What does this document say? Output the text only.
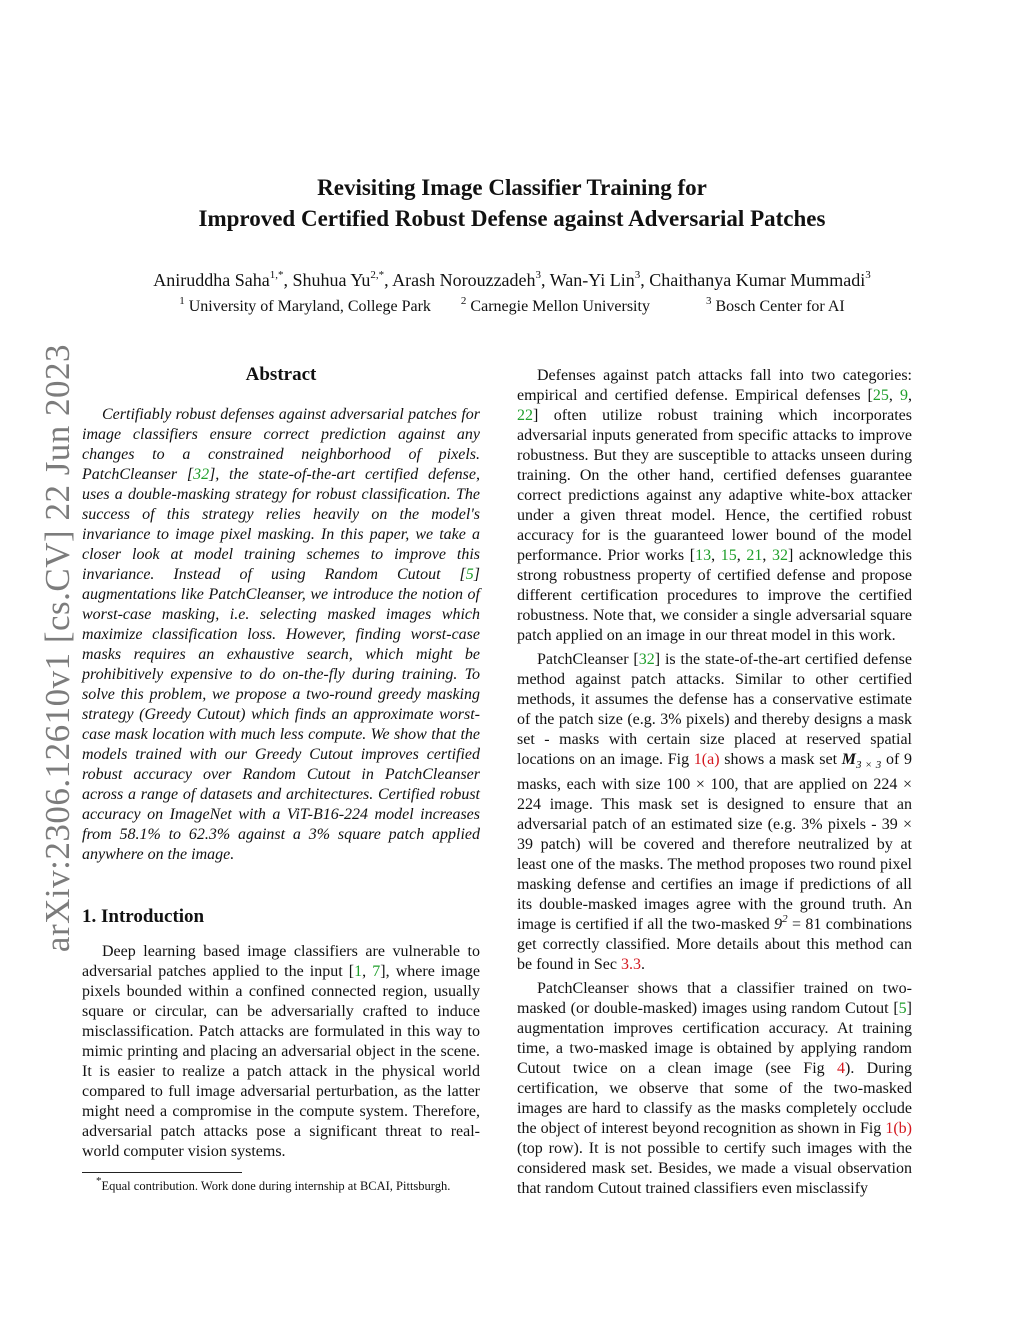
Revisiting Image Classifier Training for
Improved Certified Robust Defense against Adversarial Patches
Aniruddha Saha$^{1,*}$, Shuhua $Yu^{2,*}$, Arash Norouzzadeh$^3$, Wan-Yi Lin$^3$, Chaithanya Kumar Mummadi$^3$
$^1$ University of Maryland, College Park	$^2$ Carnegie Mellon University	$^3$ Bosch Center for AI
arXiv:2306.12610v1 [cs.CV] 22 Jun 2023	Abstract

Certifiably robust defenses against adversarial patches for image classifiers ensure correct prediction against any changes to a constrained neighborhood of pixels. PatchCleanser [32], the state-of-the-art certified defense, uses a double-masking strategy for robust classification. The success of this strategy relies heavily on the model's invariance to image pixel masking. In this paper, we take a closer look at model training schemes to improve this invariance. Instead of using Random Cutout [5] augmentations like PatchCleanser, we introduce the notion of worst-case masking, i.e. selecting masked images which maximize classification loss. However, finding worst-case masks requires an exhaustive search, which might be prohibitively expensive to do on-the-fly during training. To solve this problem, we propose a two-round greedy masking strategy (Greedy Cutout) which finds an approximate worst-case mask location with much less compute. We show that the models trained with our Greedy Cutout improves certified robust accuracy over Random Cutout in PatchCleanser across a range of datasets and architectures. Certified robust accuracy on ImageNet with a ViT-B16-224 model increases from 58.1% to 62.3% against a 3% square patch applied anywhere on the image.

1. Introduction

Deep learning based image classifiers are vulnerable to adversarial patches applied to the input [1, 7], where image pixels bounded within a confined connected region, usually square or circular, can be adversarially crafted to induce misclassification. Patch attacks are formulated in this way to mimic printing and placing an adversarial object in the scene. It is easier to realize a patch attack in the physical world compared to full image adversarial perturbation, as the latter might need a compromise in the compute system. Therefore, adversarial patch attacks pose a significant threat to real-world computer vision systems.

*Equal contribution. Work done during internship at BCAI, Pittsburgh.

Defenses against patch attacks fall into two categories: empirical and certified defense. Empirical defenses [25, 9, 22] often utilize robust training which incorporates adversarial inputs generated from specific attacks to improve robustness. But they are susceptible to attacks unseen during training. On the other hand, certified defenses guarantee correct predictions against any adaptive white-box attacker under a given threat model. Hence, the certified robust accuracy for is the guaranteed lower bound of the model performance. Prior works [13, 15, 21, 32] acknowledge this strong robustness property of certified defense and propose different certification procedures to improve the certified robustness. Note that, we consider a single adversarial square patch applied on an image in our threat model in this work.

PatchCleanser [32] is the state-of-the-art certified defense method against patch attacks. Similar to other certified methods, it assumes the defense has a conservative estimate of the patch size (e.g. 3% pixels) and thereby designs a mask set - masks with certain size placed at reserved spatial locations on an image. Fig 1(a) shows a mask set $M_{3 \times 3}$ of 9 masks, each with size 100 × 100, that are applied on 224 × 224 image. This mask set is designed to ensure that an adversarial patch of an estimated size (e.g. 3% pixels - 39 × 39 patch) will be covered and therefore neutralized by at least one of the masks. The method proposes two round pixel masking defense and certifies an image if predictions of all its double-masked images agree with the ground truth. An image is certified if all the two-masked $9^2 = 81$ combinations get correctly classified. More details about this method can be found in Sec 3.3.

PatchCleanser shows that a classifier trained on two-masked (or double-masked) images using random Cutout [5] augmentation improves certification accuracy. At training time, a two-masked image is obtained by applying random Cutout twice on a clean image (see Fig 4). During certification, we observe that some of the two-masked images are hard to classify as the masks completely occlude the object of interest beyond recognition as shown in Fig 1(b) (top row). It is not possible to certify such images with the considered mask set. Besides, we made a visual observation that random Cutout trained classifiers even misclassify
